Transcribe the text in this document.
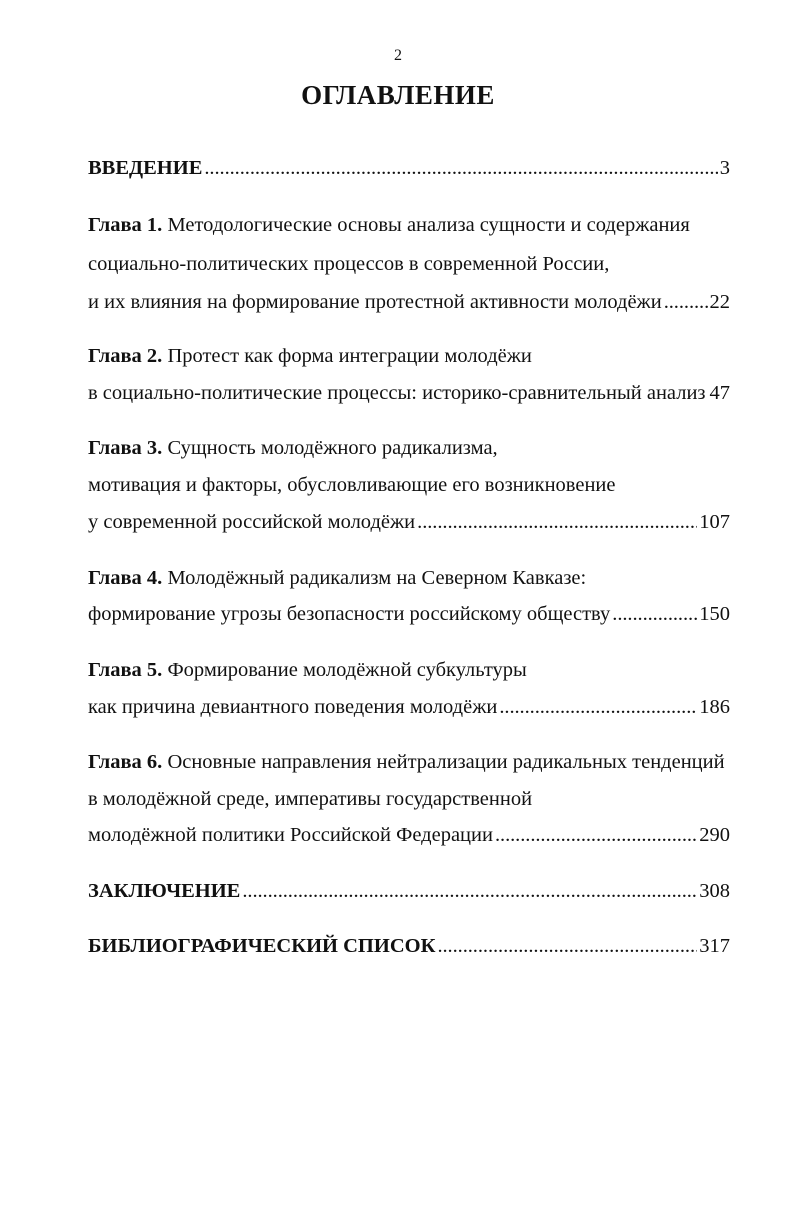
2
ОГЛАВЛЕНИЕ
ВВЕДЕНИЕ . . .	3
Глава 1. Методологические основы анализа сущности и содержания
социально-политических процессов в современной России,
и их влияния на формирование протестной активности молодёжи . . . 22
Глава 2. Протест как форма интеграции молодёжи
в социально-политические процессы: историко-сравнительный анализ 47
Глава 3. Сущность молодёжного радикализма,
мотивация и факторы, обусловливающие его возникновение
у современной российской молодёжи . . .	107
Глава 4. Молодёжный радикализм на Северном Кавказе:
формирование угрозы безопасности российскому обществу . . .	150
Глава 5. Формирование молодёжной субкультуры
как причина девиантного поведения молодёжи . . .	186
Глава 6. Основные направления нейтрализации радикальных тенденций
в молодёжной среде, императивы государственной
молодёжной политики Российской Федерации . . .	290
ЗАКЛЮЧЕНИЕ . . .	308
БИБЛИОГРАФИЧЕСКИЙ СПИСОК . . .	317
